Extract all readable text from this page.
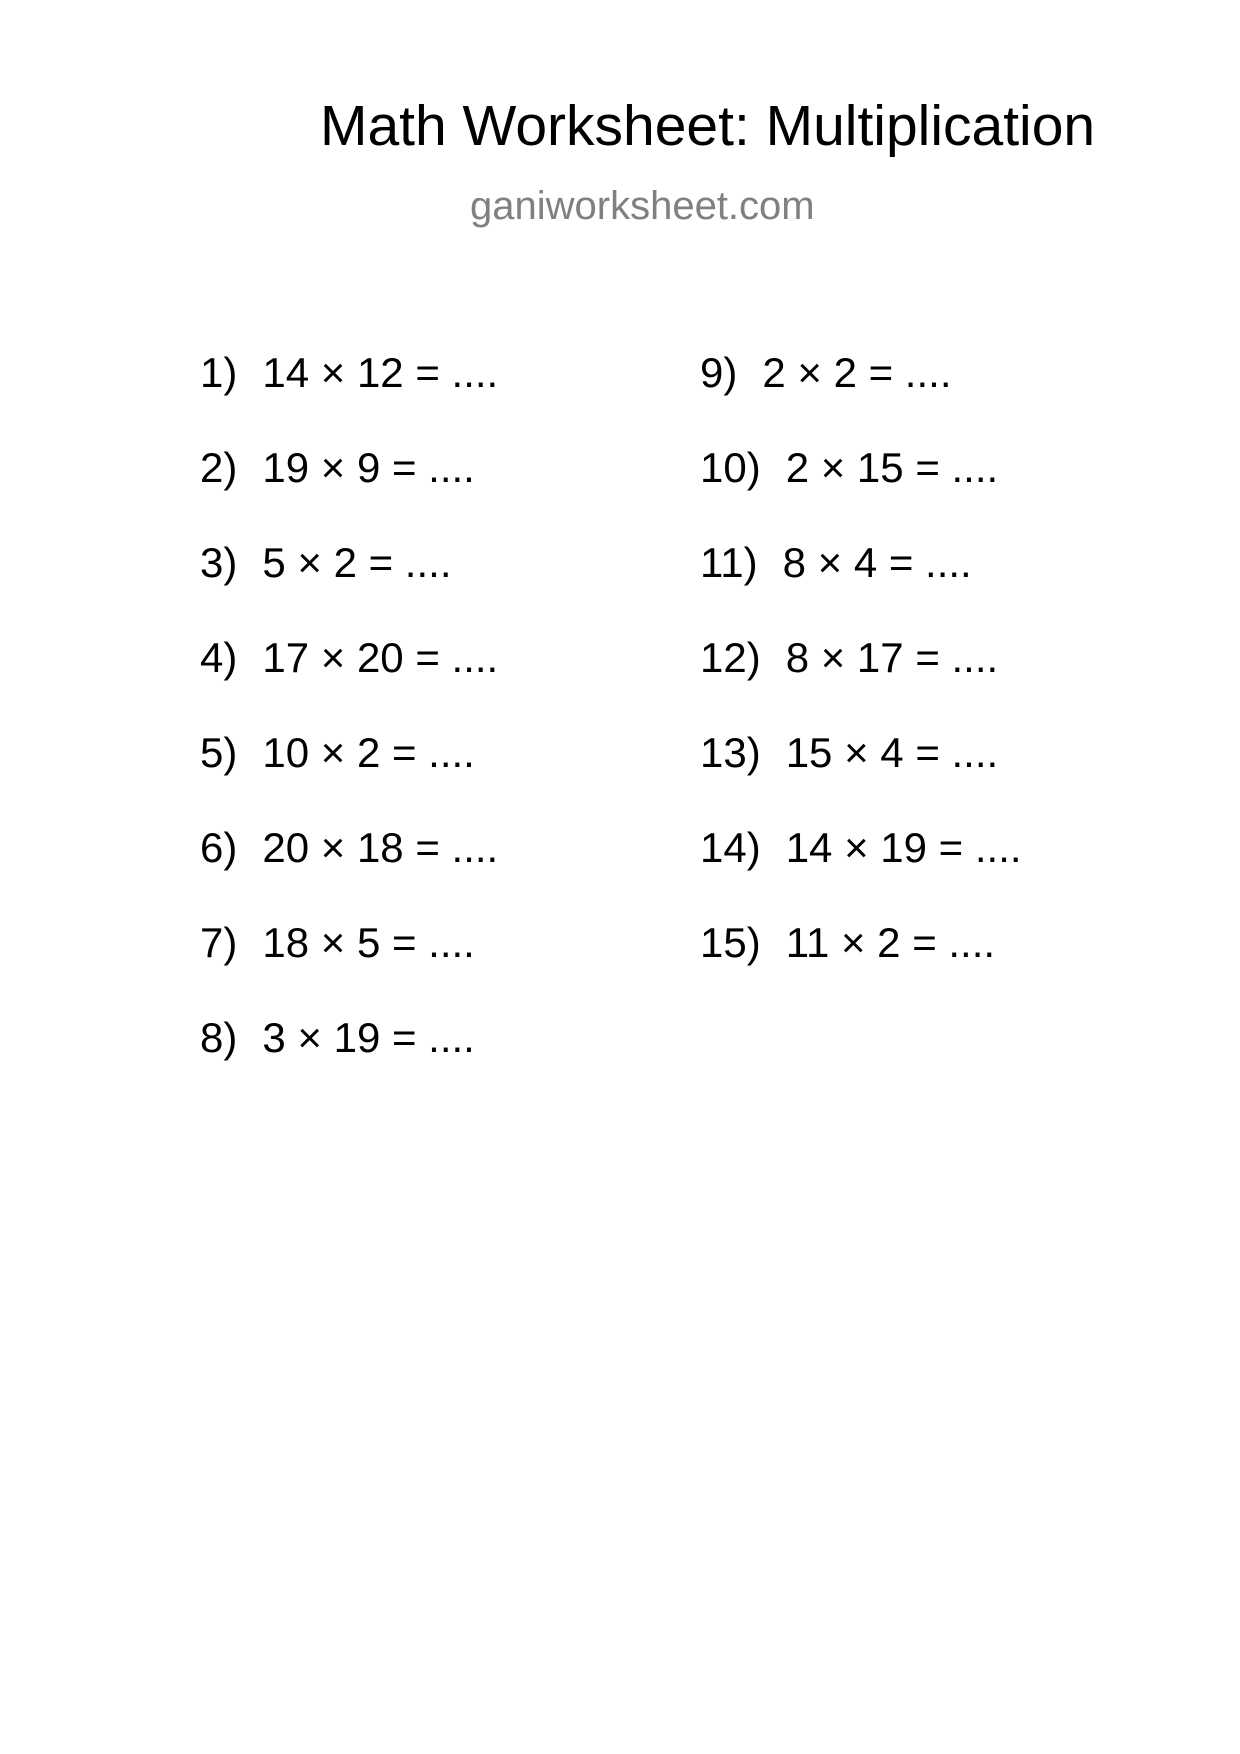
Math Worksheet: Multiplication
ganiworksheet.com
1) 14 × 12 = ....
2) 19 × 9 = ....
3) 5 × 2 = ....
4) 17 × 20 = ....
5) 10 × 2 = ....
6) 20 × 18 = ....
7) 18 × 5 = ....
8) 3 × 19 = ....
9) 2 × 2 = ....
10) 2 × 15 = ....
11) 8 × 4 = ....
12) 8 × 17 = ....
13) 15 × 4 = ....
14) 14 × 19 = ....
15) 11 × 2 = ....
